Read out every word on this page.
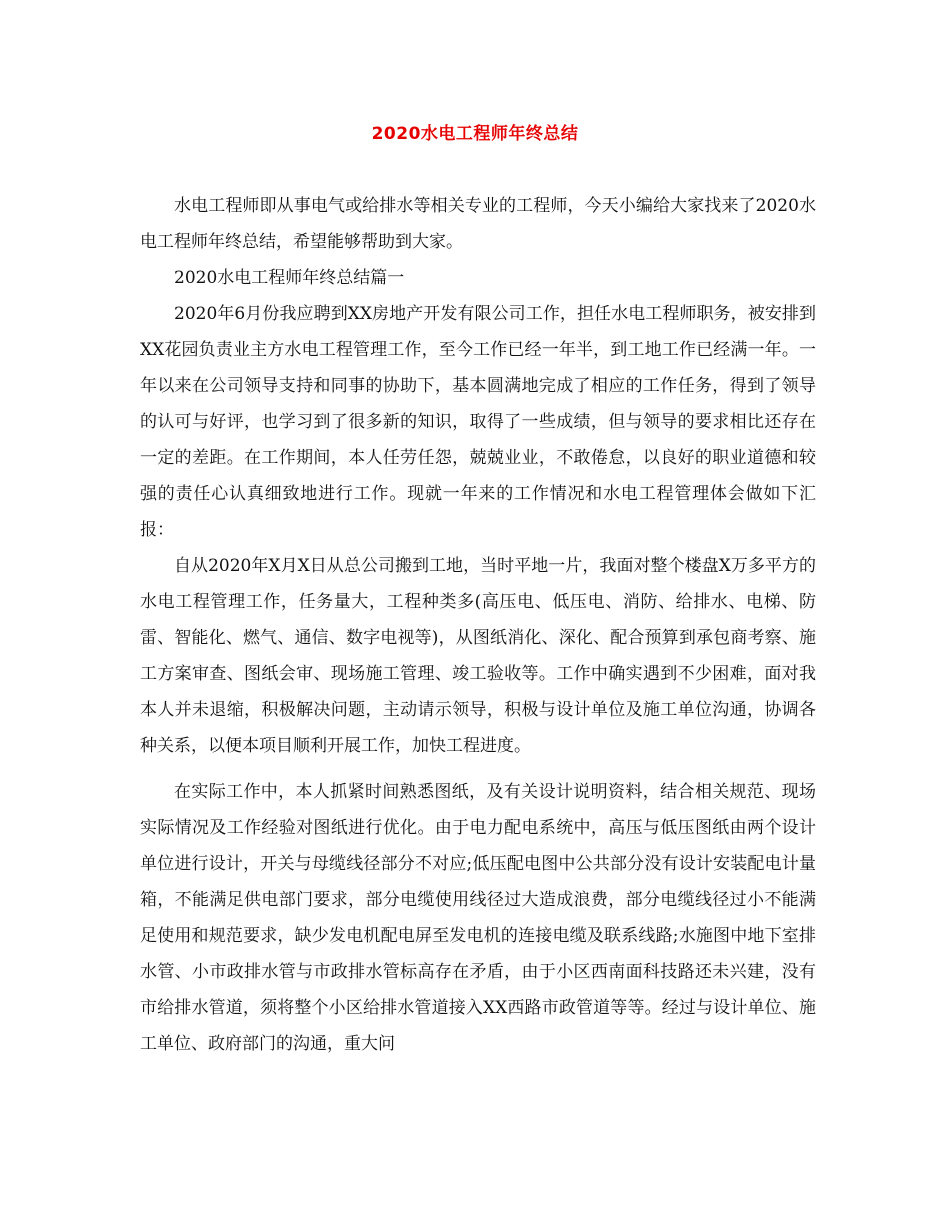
2020水电工程师年终总结

水电工程师即从事电气或给排水等相关专业的工程师，今天小编给大家找来了2020水电工程师年终总结，希望能够帮助到大家。

2020水电工程师年终总结篇一

2020年6月份我应聘到XX房地产开发有限公司工作，担任水电工程师职务，被安排到XX花园负责业主方水电工程管理工作，至今工作已经一年半，到工地工作已经满一年。一年以来在公司领导支持和同事的协助下，基本圆满地完成了相应的工作任务，得到了领导的认可与好评，也学习到了很多新的知识，取得了一些成绩，但与领导的要求相比还存在一定的差距。在工作期间，本人任劳任怨，兢兢业业，不敢倦怠，以良好的职业道德和较强的责任心认真细致地进行工作。现就一年来的工作情况和水电工程管理体会做如下汇报：

自从2020年X月X日从总公司搬到工地，当时平地一片，我面对整个楼盘X万多平方的水电工程管理工作，任务量大，工程种类多(高压电、低压电、消防、给排水、电梯、防雷、智能化、燃气、通信、数字电视等)，从图纸消化、深化、配合预算到承包商考察、施工方案审查、图纸会审、现场施工管理、竣工验收等。工作中确实遇到不少困难，面对我本人并未退缩，积极解决问题，主动请示领导，积极与设计单位及施工单位沟通，协调各种关系，以便本项目顺利开展工作，加快工程进度。

在实际工作中，本人抓紧时间熟悉图纸，及有关设计说明资料，结合相关规范、现场实际情况及工作经验对图纸进行优化。由于电力配电系统中，高压与低压图纸由两个设计单位进行设计，开关与母缆线径部分不对应;低压配电图中公共部分没有设计安装配电计量箱，不能满足供电部门要求，部分电缆使用线径过大造成浪费，部分电缆线径过小不能满足使用和规范要求，缺少发电机配电屏至发电机的连接电缆及联系线路;水施图中地下室排水管、小市政排水管与市政排水管标高存在矛盾，由于小区西南面科技路还未兴建，没有市给排水管道，须将整个小区给排水管道接入XX西路市政管道等等。经过与设计单位、施工单位、政府部门的沟通，重大问
